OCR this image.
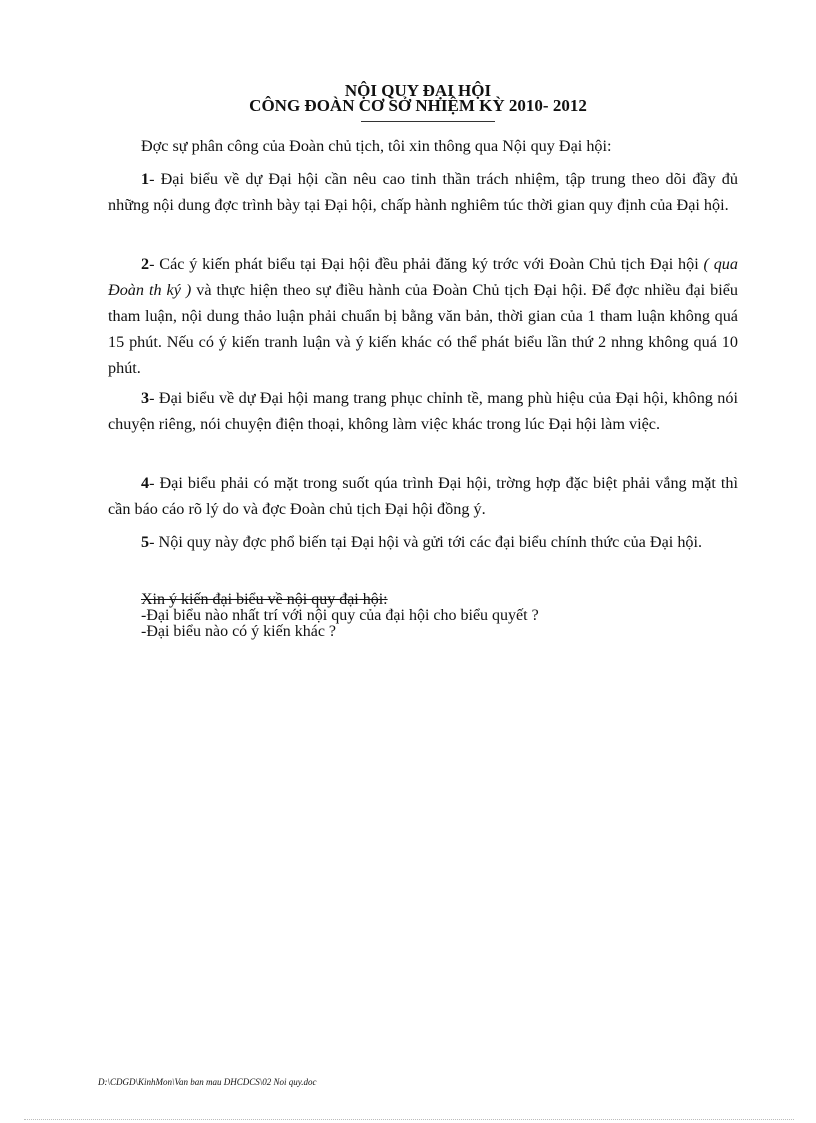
NỘI QUY ĐẠI HỘI
CÔNG ĐOÀN CƠ SỞ NHIỆM KỲ 2010- 2012

Đợc sự phân công của Đoàn chủ tịch, tôi xin thông qua Nội quy Đại hội:

1- Đại biểu về dự Đại hội cần nêu cao tinh thần trách nhiệm, tập trung theo dõi đầy đủ những nội dung đợc trình bày tại Đại hội, chấp hành nghiêm túc thời gian quy định của Đại hội.

2- Các ý kiến phát biểu tại Đại hội đều phải đăng ký trớc với Đoàn Chủ tịch Đại hội ( qua Đoàn th ký ) và thực hiện theo sự điều hành của Đoàn Chủ tịch Đại hội. Để đợc nhiều đại biểu tham luận, nội dung thảo luận phải chuẩn bị bằng văn bản, thời gian của 1 tham luận không quá 15 phút. Nếu có ý kiến tranh luận và ý kiến khác có thể phát biểu lần thứ 2 nhng không quá 10 phút.

3- Đại biểu về dự Đại hội mang trang phục chỉnh tề, mang phù hiệu của Đại hội, không nói chuyện riêng, nói chuyện điện thoại, không làm việc khác trong lúc Đại hội làm việc.

4- Đại biểu phải có mặt trong suốt qúa trình Đại hội, trờng hợp đặc biệt phải vắng mặt thì cần báo cáo rõ lý do và đợc Đoàn chủ tịch Đại hội đồng ý.

5- Nội quy này đợc phổ biến tại Đại hội và gửi tới các đại biểu chính thức của Đại hội.

Xin ý kiến đại biểu về nội quy đại hội:
-Đại biểu nào nhất trí với nội quy của đại hội cho biểu quyết ?
-Đại biểu nào có ý kiến khác ?
D:\CDGD\KinhMon\Van ban mau DHCDCS\02 Noi quy.doc
